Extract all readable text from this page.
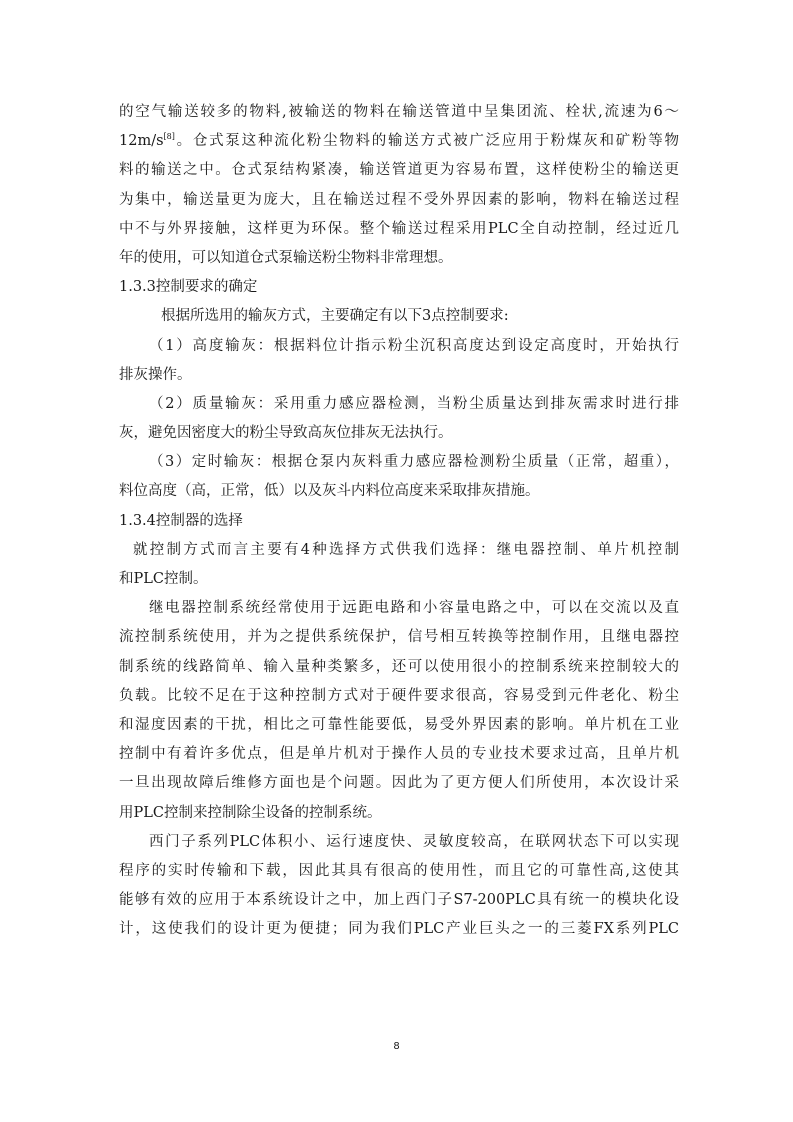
的空气输送较多的物料,被输送的物料在输送管道中呈集团流、栓状,流速为6～
12m/s[8]。仓式泵这种流化粉尘物料的输送方式被广泛应用于粉煤灰和矿粉等物
料的输送之中。仓式泵结构紧凑，输送管道更为容易布置，这样使粉尘的输送更
为集中，输送量更为庞大，且在输送过程不受外界因素的影响，物料在输送过程
中不与外界接触，这样更为环保。整个输送过程采用PLC全自动控制，经过近几
年的使用，可以知道仓式泵输送粉尘物料非常理想。
1.3.3控制要求的确定
根据所选用的输灰方式，主要确定有以下3点控制要求:
（1）高度输灰：根据料位计指示粉尘沉积高度达到设定高度时，开始执行
排灰操作。
（2）质量输灰：采用重力感应器检测，当粉尘质量达到排灰需求时进行排
灰，避免因密度大的粉尘导致高灰位排灰无法执行。
（3）定时输灰：根据仓泵内灰料重力感应器检测粉尘质量（正常，超重），
料位高度（高，正常，低）以及灰斗内料位高度来采取排灰措施。
1.3.4控制器的选择
就控制方式而言主要有4种选择方式供我们选择：继电器控制、单片机控制
和PLC控制。
继电器控制系统经常使用于远距电路和小容量电路之中，可以在交流以及直
流控制系统使用，并为之提供系统保护，信号相互转换等控制作用，且继电器控
制系统的线路简单、输入量种类繁多，还可以使用很小的控制系统来控制较大的
负载。比较不足在于这种控制方式对于硬件要求很高，容易受到元件老化、粉尘
和湿度因素的干扰，相比之可靠性能要低，易受外界因素的影响。单片机在工业
控制中有着许多优点，但是单片机对于操作人员的专业技术要求过高，且单片机
一旦出现故障后维修方面也是个问题。因此为了更方便人们所使用，本次设计采
用PLC控制来控制除尘设备的控制系统。
西门子系列PLC体积小、运行速度快、灵敏度较高，在联网状态下可以实现
程序的实时传输和下载，因此其具有很高的使用性，而且它的可靠性高,这使其
能够有效的应用于本系统设计之中，加上西门子S7-200PLC具有统一的模块化设
计，这使我们的设计更为便捷；同为我们PLC产业巨头之一的三菱FX系列PLC
8
